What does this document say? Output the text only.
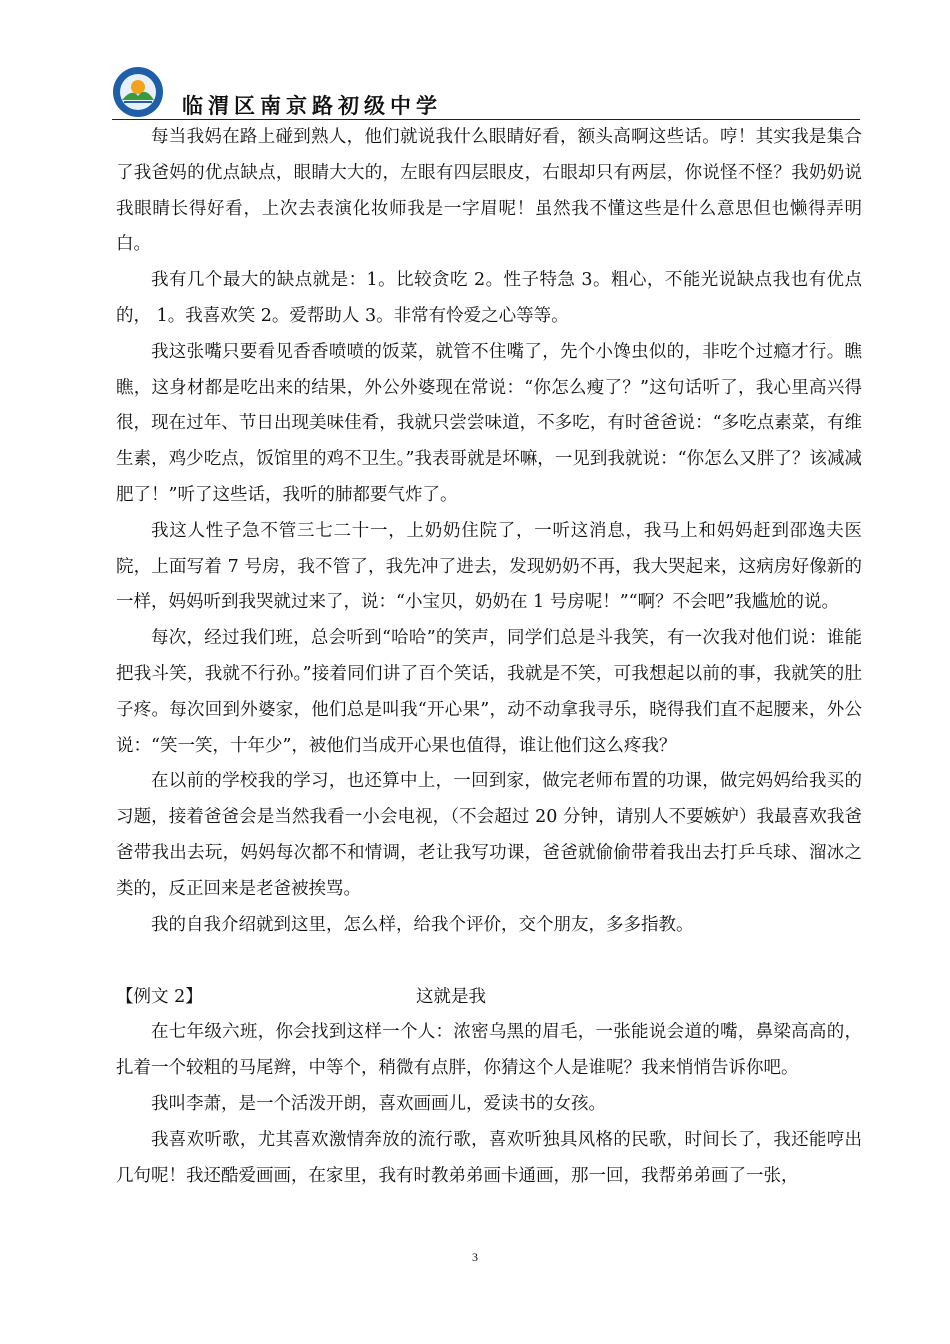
临渭区南京路初级中学

每当我妈在路上碰到熟人，他们就说我什么眼睛好看，额头高啊这些话。哼！其实我是集合了我爸妈的优点缺点，眼睛大大的，左眼有四层眼皮，右眼却只有两层，你说怪不怪？我奶奶说我眼睛长得好看，上次去表演化妆师我是一字眉呢！虽然我不懂这些是什么意思但也懒得弄明白。

我有几个最大的缺点就是：1。比较贪吃 2。性子特急 3。粗心，不能光说缺点我也有优点的， 1。我喜欢笑 2。爱帮助人 3。非常有怜爱之心等等。

我这张嘴只要看见香香喷喷的饭菜，就管不住嘴了，先个小馋虫似的，非吃个过瘾才行。瞧瞧，这身材都是吃出来的结果，外公外婆现在常说：“你怎么瘦了？”这句话听了，我心里高兴得很，现在过年、节日出现美味佳肴，我就只尝尝味道，不多吃，有时爸爸说：“多吃点素菜，有维生素，鸡少吃点，饭馆里的鸡不卫生。”我表哥就是坏嘛，一见到我就说：“你怎么又胖了？该减减肥了！”听了这些话，我听的肺都要气炸了。

我这人性子急不管三七二十一，上奶奶住院了，一听这消息，我马上和妈妈赶到邵逸夫医院，上面写着 7 号房，我不管了，我先冲了进去，发现奶奶不再，我大哭起来，这病房好像新的一样，妈妈听到我哭就过来了，说：“小宝贝，奶奶在 1 号房呢！”“啊？不会吧”我尴尬的说。

每次，经过我们班，总会听到“哈哈”的笑声，同学们总是斗我笑，有一次我对他们说：谁能把我斗笑，我就不行孙。”接着同们讲了百个笑话，我就是不笑，可我想起以前的事，我就笑的肚子疼。每次回到外婆家，他们总是叫我“开心果”，动不动拿我寻乐，晓得我们直不起腰来，外公说：“笑一笑，十年少”，被他们当成开心果也值得，谁让他们这么疼我？

在以前的学校我的学习，也还算中上，一回到家，做完老师布置的功课，做完妈妈给我买的习题，接着爸爸会是当然我看一小会电视，（不会超过 20 分钟，请别人不要嫉妒）我最喜欢我爸爸带我出去玩，妈妈每次都不和情调，老让我写功课，爸爸就偷偷带着我出去打乒乓球、溜冰之类的，反正回来是老爸被挨骂。

我的自我介绍就到这里，怎么样，给我个评价，交个朋友，多多指教。

【例文 2】	这就是我

在七年级六班，你会找到这样一个人：浓密乌黑的眉毛，一张能说会道的嘴，鼻梁高高的，扎着一个较粗的马尾辫，中等个，稍微有点胖，你猜这个人是谁呢？我来悄悄告诉你吧。

我叫李萧，是一个活泼开朗，喜欢画画儿，爱读书的女孩。

我喜欢听歌，尤其喜欢激情奔放的流行歌，喜欢听独具风格的民歌，时间长了，我还能哼出几句呢！我还酷爱画画，在家里，我有时教弟弟画卡通画，那一回，我帮弟弟画了一张，

3
